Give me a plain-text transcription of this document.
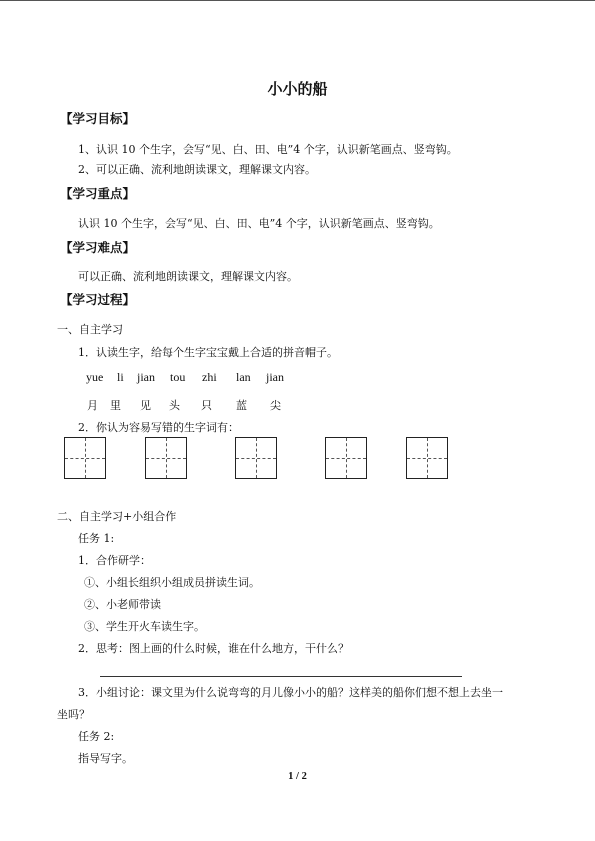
小小的船
【学习目标】
1、认识 10 个生字，会写“见、白、田、电”4 个字，认识新笔画点、竖弯钩。
2、可以正确、流利地朗读课文，理解课文内容。
【学习重点】
认识 10 个生字，会写“见、白、田、电”4 个字，认识新笔画点、竖弯钩。
【学习难点】
可以正确、流利地朗读课文，理解课文内容。
【学习过程】
一、自主学习
1．认读生字，给每个生字宝宝戴上合适的拼音帽子。
yue li jian tou zhi lan jian
月 里 见 头 只 蓝 尖
2．你认为容易写错的生字词有：
二、自主学习+小组合作
任务 1:
1．合作研学：
①、小组长组织小组成员拼读生词。
②、小老师带读
③、学生开火车读生字。
2．思考：图上画的什么时候，谁在什么地方，干什么？
3．小组讨论：课文里为什么说弯弯的月儿像小小的船？这样美的船你们想不想上去坐一
坐吗？
任务 2:
指导写字。
1 / 2
